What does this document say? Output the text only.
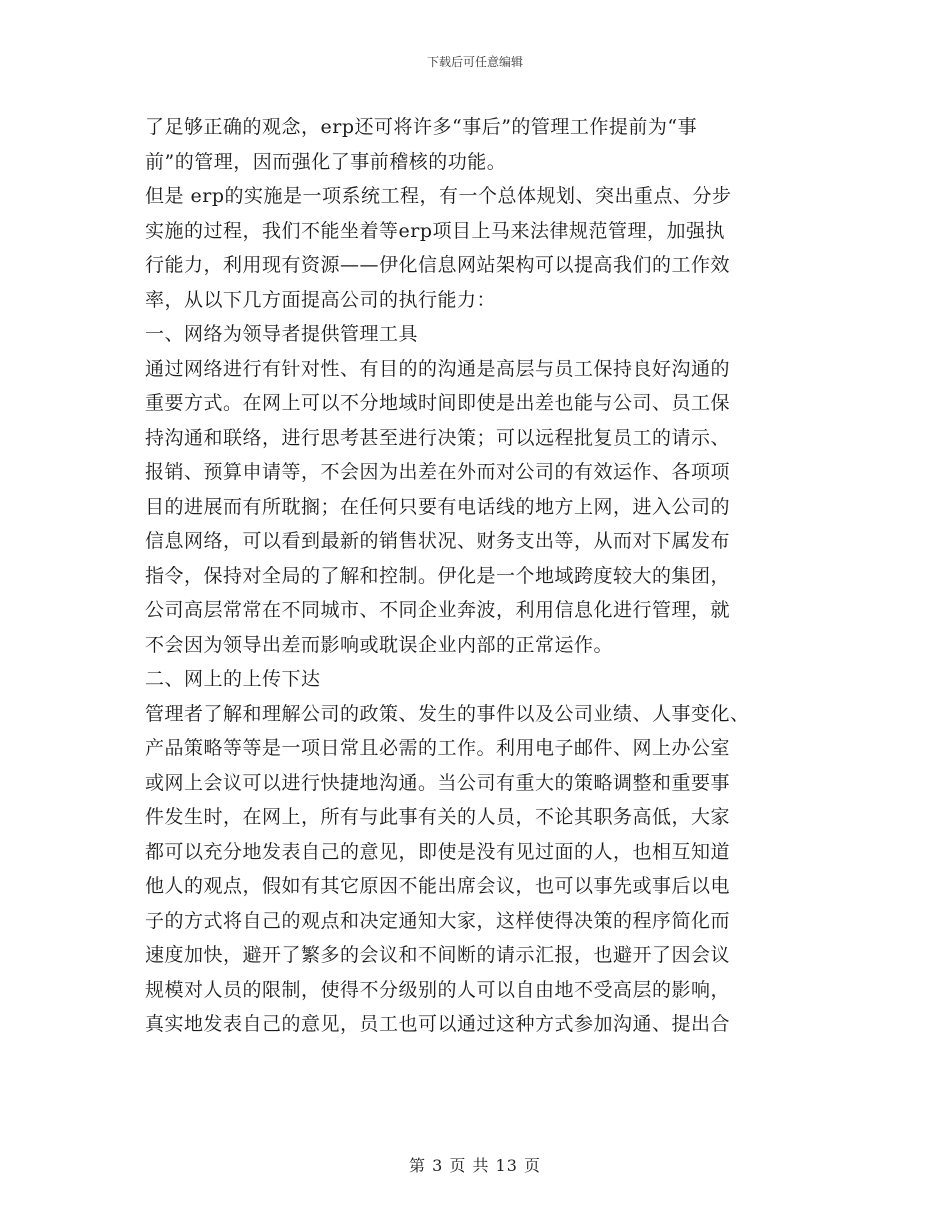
下载后可任意编辑
了足够正确的观念，erp还可将许多“事后”的管理工作提前为“事
前”的管理，因而强化了事前稽核的功能。
但是 erp的实施是一项系统工程，有一个总体规划、突出重点、分步
实施的过程，我们不能坐着等erp项目上马来法律规范管理，加强执
行能力，利用现有资源——伊化信息网站架构可以提高我们的工作效
率，从以下几方面提高公司的执行能力：
一、网络为领导者提供管理工具
通过网络进行有针对性、有目的的沟通是高层与员工保持良好沟通的
重要方式。在网上可以不分地域时间即使是出差也能与公司、员工保
持沟通和联络，进行思考甚至进行决策；可以远程批复员工的请示、
报销、预算申请等，不会因为出差在外而对公司的有效运作、各项项
目的进展而有所耽搁；在任何只要有电话线的地方上网，进入公司的
信息网络，可以看到最新的销售状况、财务支出等，从而对下属发布
指令，保持对全局的了解和控制。伊化是一个地域跨度较大的集团，
公司高层常常在不同城市、不同企业奔波，利用信息化进行管理，就
不会因为领导出差而影响或耽误企业内部的正常运作。
二、网上的上传下达
管理者了解和理解公司的政策、发生的事件以及公司业绩、人事变化、
产品策略等等是一项日常且必需的工作。利用电子邮件、网上办公室
或网上会议可以进行快捷地沟通。当公司有重大的策略调整和重要事
件发生时，在网上，所有与此事有关的人员，不论其职务高低，大家
都可以充分地发表自己的意见，即使是没有见过面的人，也相互知道
他人的观点，假如有其它原因不能出席会议，也可以事先或事后以电
子的方式将自己的观点和决定通知大家，这样使得决策的程序简化而
速度加快，避开了繁多的会议和不间断的请示汇报，也避开了因会议
规模对人员的限制，使得不分级别的人可以自由地不受高层的影响，
真实地发表自己的意见，员工也可以通过这种方式参加沟通、提出合
第 3 页 共 13 页
